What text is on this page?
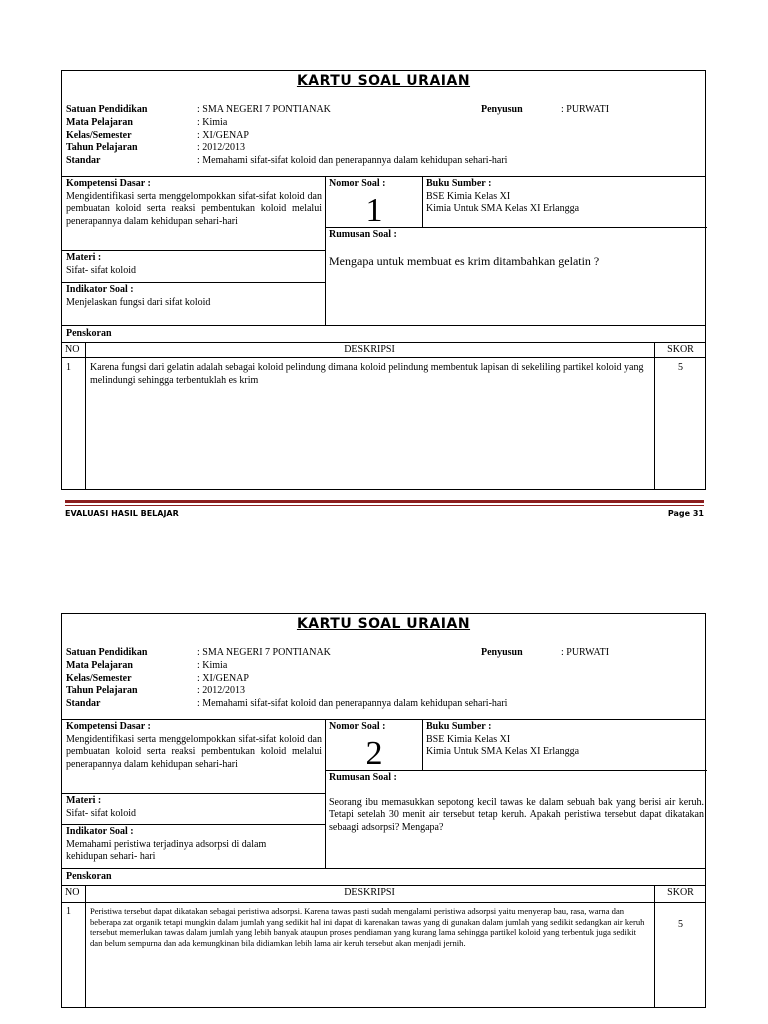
KARTU SOAL URAIAN
Satuan Pendidikan	: SMA NEGERI 7 PONTIANAK	Penyusun	: PURWATI
Mata Pelajaran	: Kimia
Kelas/Semester	: XI/GENAP
Tahun Pelajaran	: 2012/2013
Standar	: Memahami sifat-sifat koloid dan penerapannya dalam kehidupan sehari-hari
Kompetensi Dasar :
Mengidentifikasi serta menggelompokkan sifat-sifat koloid dan pembuatan koloid serta reaksi pembentukan koloid melalui penerapannya dalam kehidupan sehari-hari
Nomor Soal :
1
Buku Sumber :
BSE Kimia Kelas XI
Kimia Untuk SMA Kelas XI Erlangga
Rumusan Soal :
Mengapa untuk membuat es krim ditambahkan gelatin ?
Materi :
Sifat- sifat koloid
Indikator Soal :
Menjelaskan fungsi dari sifat koloid
Penskoran
NO	DESKRIPSI	SKOR
1 Karena fungsi dari gelatin adalah sebagai koloid pelindung dimana koloid pelindung membentuk lapisan di sekeliling partikel koloid yang melindungi sehingga terbentuklah es krim
5
EVALUASI HASIL BELAJAR	Page 31
KARTU SOAL URAIAN
Satuan Pendidikan	: SMA NEGERI 7 PONTIANAK	Penyusun	: PURWATI
Mata Pelajaran	: Kimia
Kelas/Semester	: XI/GENAP
Tahun Pelajaran	: 2012/2013
Standar	: Memahami sifat-sifat koloid dan penerapannya dalam kehidupan sehari-hari
Kompetensi Dasar :
Mengidentifikasi serta menggelompokkan sifat-sifat koloid dan pembuatan koloid serta reaksi pembentukan koloid melalui penerapannya dalam kehidupan sehari-hari
Nomor Soal :
2
Buku Sumber :
BSE Kimia Kelas XI
Kimia Untuk SMA Kelas XI Erlangga
Rumusan Soal :
Seorang ibu memasukkan sepotong kecil tawas ke dalam sebuah bak yang berisi air keruh. Tetapi setelah 30 menit air tersebut tetap keruh. Apakah peristiwa tersebut dapat dikatakan sebaagi adsorpsi? Mengapa?
Materi :
Sifat- sifat koloid
Indikator Soal :
Memahami peristiwa terjadinya adsorpsi di dalam kehidupan sehari- hari
Penskoran
NO	DESKRIPSI	SKOR
1 Peristiwa tersebut dapat dikatakan sebagai peristiwa adsorpsi. Karena tawas pasti sudah mengalami peristiwa adsorpsi yaitu menyerap bau, rasa, warna dan beberapa zat organik tetapi mungkin dalam jumlah yang sedikit hal ini dapat di karenakan tawas yang di gunakan dalam jumlah yang sedikit sedangkan air keruh tersebut memerlukan tawas dalam jumlah yang lebih banyak ataupun proses pendiaman yang kurang lama sehingga partikel koloid yang terbentuk juga sedikit dan belum sempurna dan ada kemungkinan bila didiamkan lebih lama air keruh tersebut akan menjadi jernih.
5
